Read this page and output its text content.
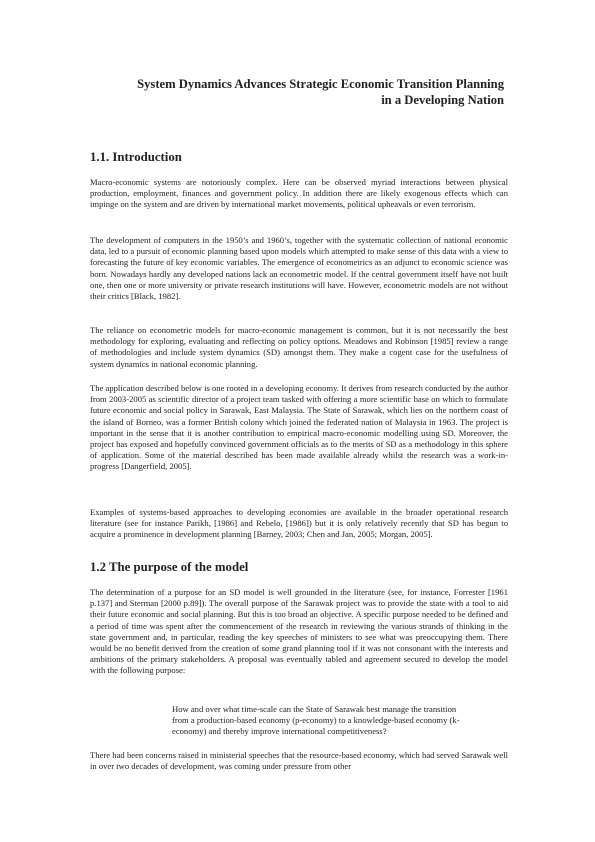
System Dynamics Advances Strategic Economic Transition Planning
in a Developing Nation
1.1. Introduction

Macro-economic systems are notoriously complex. Here can be observed myriad interactions between physical production, employment, finances and government policy. In addition there are likely exogenous effects which can impinge on the system and are driven by international market movements, political upheavals or even terrorism.

The development of computers in the 1950’s and 1960’s, together with the systematic collection of national economic data, led to a pursuit of economic planning based upon models which attempted to make sense of this data with a view to forecasting the future of key economic variables. The emergence of econometrics as an adjunct to economic science was born. Nowadays hardly any developed nations lack an econometric model. If the central government itself have not built one, then one or more university or private research institutions will have. However, econometric models are not without their critics [Black, 1982].

The reliance on econometric models for macro-economic management is common, but it is not necessarily the best methodology for exploring, evaluating and reflecting on policy options. Meadows and Robinson [1985] review a range of methodologies and include system dynamics (SD) amongst them. They make a cogent case for the usefulness of system dynamics in national economic planning.

The application described below is one rooted in a developing economy. It derives from research conducted by the author from 2003-2005 as scientific director of a project team tasked with offering a more scientific base on which to formulate future economic and social policy in Sarawak, East Malaysia. The State of Sarawak, which lies on the northern coast of the island of Borneo, was a former British colony which joined the federated nation of Malaysia in 1963. The project is important in the sense that it is another contribution to empirical macro-economic modelling using SD. Moreover, the project has exposed and hopefully convinced government officials as to the merits of SD as a methodology in this sphere of application. Some of the material described has been made available already whilst the research was a work-in-progress [Dangerfield, 2005].

Examples of systems-based approaches to developing economies are available in the broader operational research literature (see for instance Parikh, [1986] and Rebelo, [1986]) but it is only relatively recently that SD has begun to acquire a prominence in development planning [Barney, 2003; Chen and Jan, 2005; Morgan, 2005].

1.2 The purpose of the model

The determination of a purpose for an SD model is well grounded in the literature (see, for instance, Forrester [1961 p.137] and Sterman [2000 p.89]). The overall purpose of the Sarawak project was to provide the state with a tool to aid their future economic and social planning. But this is too broad an objective. A specific purpose needed to be defined and a period of time was spent after the commencement of the research in reviewing the various strands of thinking in the state government and, in particular, reading the key speeches of ministers to see what was preoccupying them. There would be no benefit derived from the creation of some grand planning tool if it was not consonant with the interests and ambitions of the primary stakeholders. A proposal was eventually tabled and agreement secured to develop the model with the following purpose:

How and over what time-scale can the State of Sarawak best manage the transition from a production-based economy (p-economy) to a knowledge-based economy (k-economy) and thereby improve international competitiveness?

There had been concerns raised in ministerial speeches that the resource-based economy, which had served Sarawak well in over two decades of development, was coming under pressure from other
